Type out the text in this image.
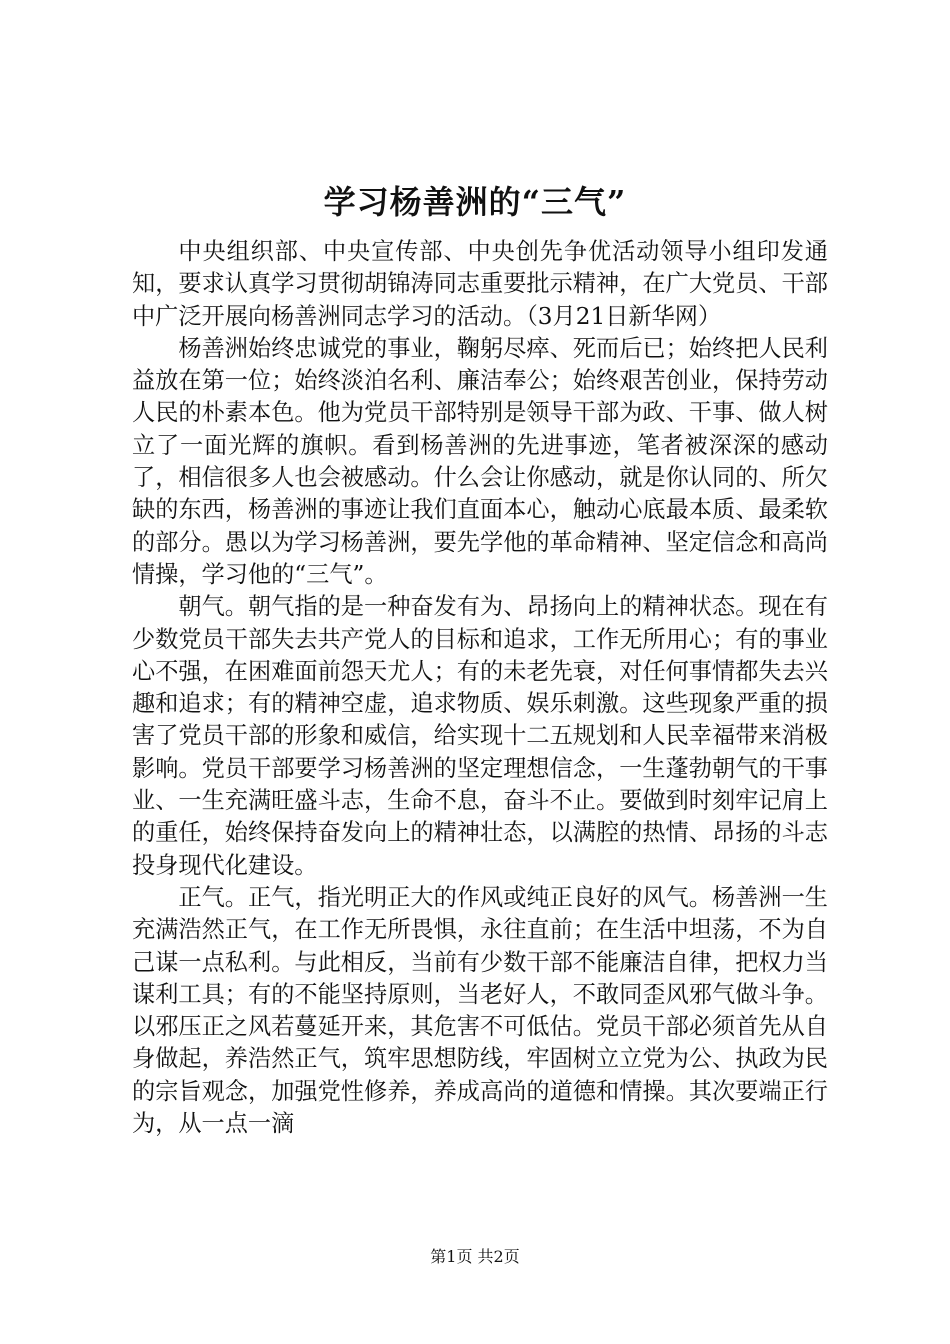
学习杨善洲的“三气”

中央组织部、中央宣传部、中央创先争优活动领导小组印发通知，要求认真学习贯彻胡锦涛同志重要批示精神，在广大党员、干部中广泛开展向杨善洲同志学习的活动。（3月21日新华网）

杨善洲始终忠诚党的事业，鞠躬尽瘁、死而后已；始终把人民利益放在第一位；始终淡泊名利、廉洁奉公；始终艰苦创业，保持劳动人民的朴素本色。他为党员干部特别是领导干部为政、干事、做人树立了一面光辉的旗帜。看到杨善洲的先进事迹，笔者被深深的感动了，相信很多人也会被感动。什么会让你感动，就是你认同的、所欠缺的东西，杨善洲的事迹让我们直面本心，触动心底最本质、最柔软的部分。愚以为学习杨善洲，要先学他的革命精神、坚定信念和高尚情操，学习他的“三气”。

朝气。朝气指的是一种奋发有为、昂扬向上的精神状态。现在有少数党员干部失去共产党人的目标和追求，工作无所用心；有的事业心不强，在困难面前怨天尤人；有的未老先衰，对任何事情都失去兴趣和追求；有的精神空虚，追求物质、娱乐刺激。这些现象严重的损害了党员干部的形象和威信，给实现十二五规划和人民幸福带来消极影响。党员干部要学习杨善洲的坚定理想信念，一生蓬勃朝气的干事业、一生充满旺盛斗志，生命不息，奋斗不止。要做到时刻牢记肩上的重任，始终保持奋发向上的精神壮态，以满腔的热情、昂扬的斗志投身现代化建设。

正气。正气，指光明正大的作风或纯正良好的风气。杨善洲一生充满浩然正气，在工作无所畏惧，永往直前；在生活中坦荡，不为自己谋一点私利。与此相反，当前有少数干部不能廉洁自律，把权力当谋利工具；有的不能坚持原则，当老好人，不敢同歪风邪气做斗争。以邪压正之风若蔓延开来，其危害不可低估。党员干部必须首先从自身做起，养浩然正气，筑牢思想防线，牢固树立立党为公、执政为民的宗旨观念，加强党性修养，养成高尚的道德和情操。其次要端正行为，从一点一滴

第1页 共2页
